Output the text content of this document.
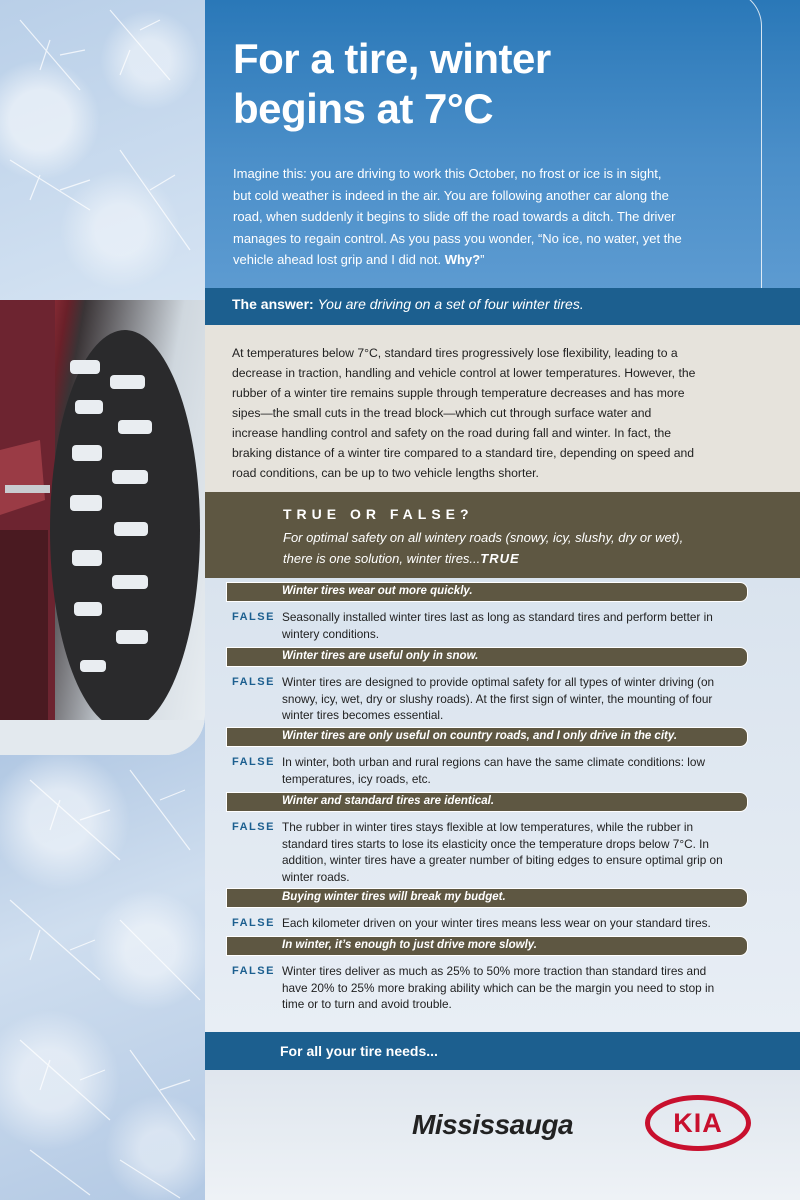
For a tire, winter
begins at 7°C

Imagine this: you are driving to work this October, no frost or ice is in sight, but cold weather is indeed in the air. You are following another car along the road, when suddenly it begins to slide off the road towards a ditch. The driver manages to regain control. As you pass you wonder, “No ice, no water, yet the vehicle ahead lost grip and I did not. Why?”

The answer: You are driving on a set of four winter tires.

At temperatures below 7°C, standard tires progressively lose flexibility, leading to a decrease in traction, handling and vehicle control at lower temperatures. However, the rubber of a winter tire remains supple through temperature decreases and has more sipes—the small cuts in the tread block—which cut through surface water and increase handling control and safety on the road during fall and winter. In fact, the braking distance of a winter tire compared to a standard tire, depending on speed and road conditions, can be up to two vehicle lengths shorter.

TRUE OR FALSE?

For optimal safety on all wintery roads (snowy, icy, slushy, dry or wet), there is one solution, winter tires...TRUE

Winter tires wear out more quickly.

FALSE Seasonally installed winter tires last as long as standard tires and perform better in wintery conditions.

Winter tires are useful only in snow.

FALSE Winter tires are designed to provide optimal safety for all types of winter driving (on snowy, icy, wet, dry or slushy roads). At the first sign of winter, the mounting of four winter tires becomes essential.

Winter tires are only useful on country roads, and I only drive in the city.

FALSE In winter, both urban and rural regions can have the same climate conditions: low temperatures, icy roads, etc.

Winter and standard tires are identical.

FALSE The rubber in winter tires stays flexible at low temperatures, while the rubber in standard tires starts to lose its elasticity once the temperature drops below 7°C. In addition, winter tires have a greater number of biting edges to ensure optimal grip on winter roads.

Buying winter tires will break my budget.

FALSE Each kilometer driven on your winter tires means less wear on your standard tires.

In winter, it’s enough to just drive more slowly.

FALSE Winter tires deliver as much as 25% to 50% more traction than standard tires and have 20% to 25% more braking ability which can be the margin you need to stop in time or to turn and avoid trouble.

For all your tire needs...

Mississauga	KIA
